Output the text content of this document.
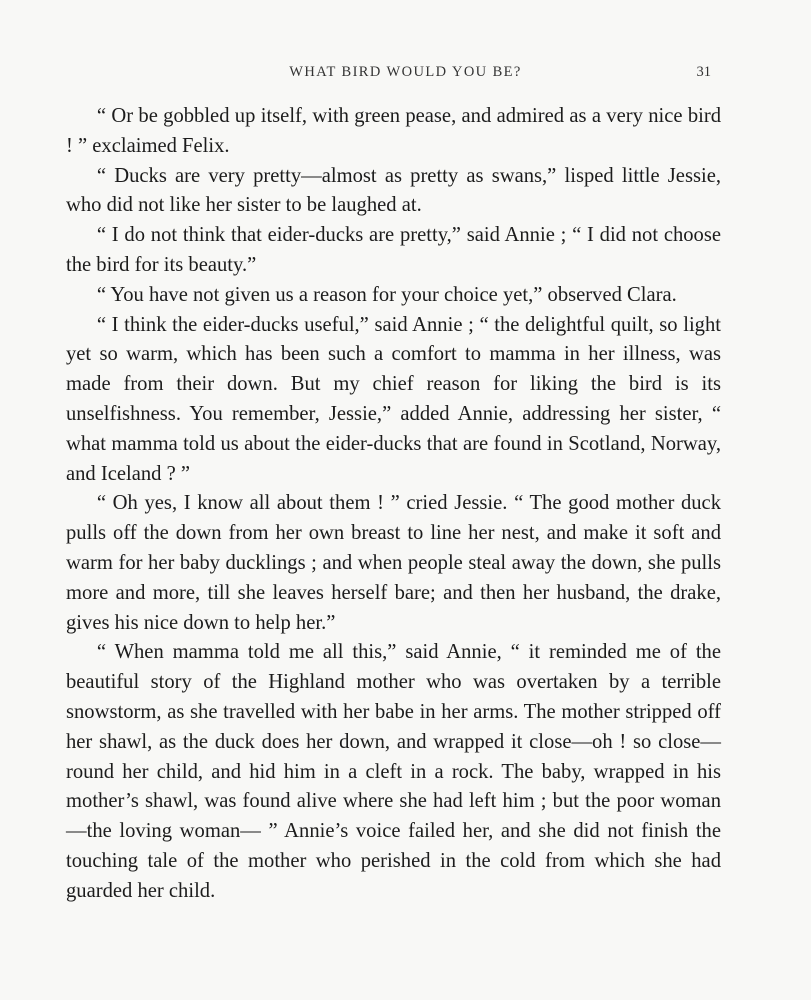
WHAT BIRD WOULD YOU BE?	31

“ Or be gobbled up itself, with green pease, and admired as a very nice bird ! ” exclaimed Felix.

“ Ducks are very pretty—almost as pretty as swans,” lisped little Jessie, who did not like her sister to be laughed at.

“ I do not think that eider-ducks are pretty,” said Annie ; “ I did not choose the bird for its beauty.”

“ You have not given us a reason for your choice yet,” observed Clara.

“ I think the eider-ducks useful,” said Annie ; “ the delightful quilt, so light yet so warm, which has been such a comfort to mamma in her illness, was made from their down. But my chief reason for liking the bird is its unselfishness. You remember, Jessie,” added Annie, addressing her sister, “ what mamma told us about the eider-ducks that are found in Scotland, Norway, and Iceland ? ”

“ Oh yes, I know all about them ! ” cried Jessie. “ The good mother duck pulls off the down from her own breast to line her nest, and make it soft and warm for her baby ducklings ; and when people steal away the down, she pulls more and more, till she leaves herself bare; and then her husband, the drake, gives his nice down to help her.”

“ When mamma told me all this,” said Annie, “ it reminded me of the beautiful story of the Highland mother who was overtaken by a terrible snowstorm, as she travelled with her babe in her arms. The mother stripped off her shawl, as the duck does her down, and wrapped it close—oh ! so close—round her child, and hid him in a cleft in a rock. The baby, wrapped in his mother’s shawl, was found alive where she had left him ; but the poor woman—the loving woman— ” Annie’s voice failed her, and she did not finish the touching tale of the mother who perished in the cold from which she had guarded her child.
